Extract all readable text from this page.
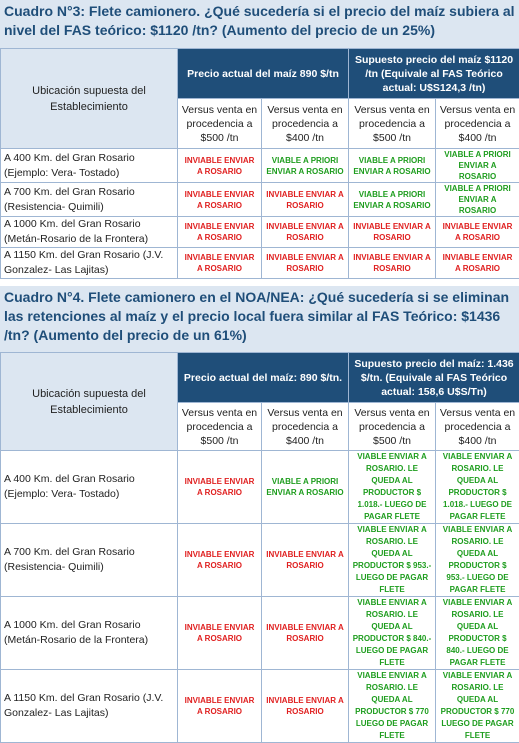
Cuadro N°3: Flete camionero. ¿Qué sucedería si el precio del maíz subiera al nivel del FAS teórico: $1120 /tn? (Aumento del precio de un 25%)
Ubicación supuesta del Establecimiento	Precio actual del maíz 890 $/tn		Supuesto precio del maíz $1120 /tn (Equivale al FAS Teórico actual: U$S124,3 /tn)	
	Versus venta en procedencia a $500 /tn	Versus venta en procedencia a $400 /tn	Versus venta en procedencia a $500 /tn	Versus venta en procedencia a $400 /tn
A 400 Km. del Gran Rosario (Ejemplo: Vera- Tostado)	INVIABLE ENVIAR A ROSARIO	VIABLE A PRIORI ENVIAR A ROSARIO	VIABLE A PRIORI ENVIAR A ROSARIO	VIABLE A PRIORI ENVIAR A ROSARIO
A 700 Km. del Gran Rosario (Resistencia- Quimili)	INVIABLE ENVIAR A ROSARIO	INVIABLE ENVIAR A ROSARIO	VIABLE A PRIORI ENVIAR A ROSARIO	VIABLE A PRIORI ENVIAR A ROSARIO
A 1000 Km. del Gran Rosario (Metán-Rosario de la Frontera)	INVIABLE ENVIAR A ROSARIO	INVIABLE ENVIAR A ROSARIO	INVIABLE ENVIAR A ROSARIO	INVIABLE ENVIAR A ROSARIO
A 1150 Km. del Gran Rosario (J.V. Gonzalez- Las Lajitas)	INVIABLE ENVIAR A ROSARIO	INVIABLE ENVIAR A ROSARIO	INVIABLE ENVIAR A ROSARIO	INVIABLE ENVIAR A ROSARIO
Cuadro N°4. Flete camionero en el NOA/NEA: ¿Qué sucedería si se eliminan las retenciones al maíz y el precio local fuera similar al FAS Teórico: $1436 /tn? (Aumento del precio de un 61%)
Ubicación supuesta del Establecimiento	Precio actual del maíz: 890 $/tn.		Supuesto precio del maíz: 1.436 $/tn. (Equivale al FAS Teórico actual: 158,6 U$S/Tn)	
	Versus venta en procedencia a $500 /tn	Versus venta en procedencia a $400 /tn	Versus venta en procedencia a $500 /tn	Versus venta en procedencia a $400 /tn
A 400 Km. del Gran Rosario (Ejemplo: Vera- Tostado)	INVIABLE ENVIAR A ROSARIO	VIABLE A PRIORI ENVIAR A ROSARIO	VIABLE ENVIAR A ROSARIO. LE QUEDA AL PRODUCTOR $ 1.018.- LUEGO DE PAGAR FLETE	VIABLE ENVIAR A ROSARIO. LE QUEDA AL PRODUCTOR $ 1.018.- LUEGO DE PAGAR FLETE
A 700 Km. del Gran Rosario (Resistencia- Quimili)	INVIABLE ENVIAR A ROSARIO	INVIABLE ENVIAR A ROSARIO	VIABLE ENVIAR A ROSARIO. LE QUEDA AL PRODUCTOR $ 953.- LUEGO DE PAGAR FLETE	VIABLE ENVIAR A ROSARIO. LE QUEDA AL PRODUCTOR $ 953.- LUEGO DE PAGAR FLETE
A 1000 Km. del Gran Rosario (Metán-Rosario de la Frontera)	INVIABLE ENVIAR A ROSARIO	INVIABLE ENVIAR A ROSARIO	VIABLE ENVIAR A ROSARIO. LE QUEDA AL PRODUCTOR $ 840.- LUEGO DE PAGAR FLETE	VIABLE ENVIAR A ROSARIO. LE QUEDA AL PRODUCTOR $ 840.- LUEGO DE PAGAR FLETE
A 1150 Km. del Gran Rosario (J.V. Gonzalez- Las Lajitas)	INVIABLE ENVIAR A ROSARIO	INVIABLE ENVIAR A ROSARIO	VIABLE ENVIAR A ROSARIO. LE QUEDA AL PRODUCTOR $ 770 LUEGO DE PAGAR FLETE	VIABLE ENVIAR A ROSARIO. LE QUEDA AL PRODUCTOR $ 770 LUEGO DE PAGAR FLETE
